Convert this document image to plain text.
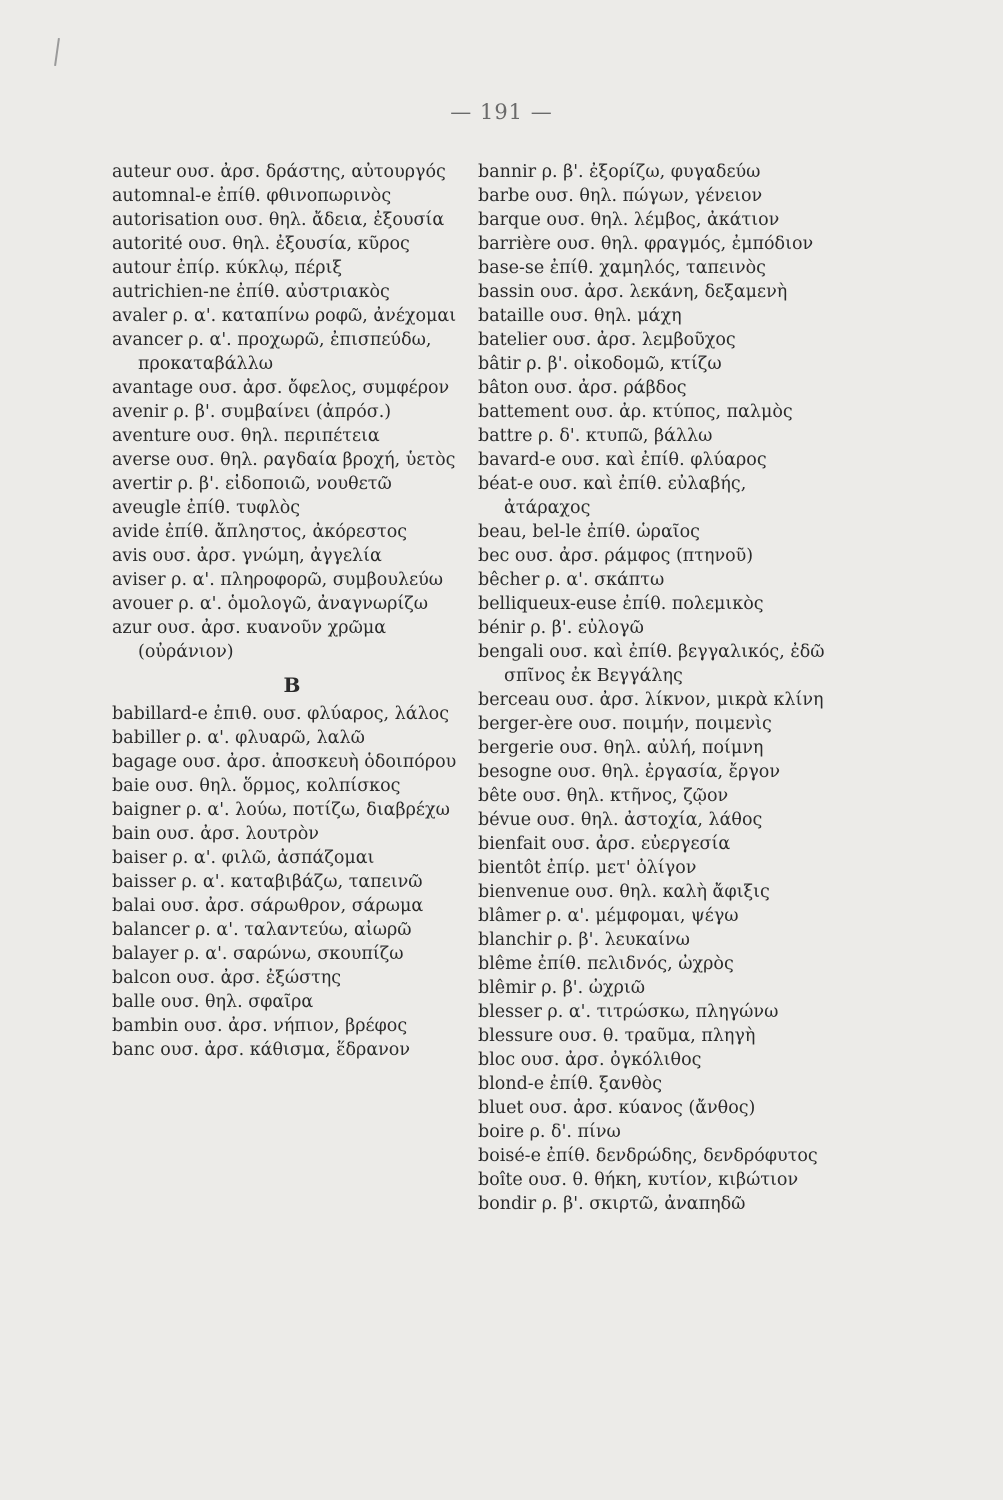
— 191 —

auteur ουσ. ἀρσ. δράστης, αὐτουργός

automnal-e ἐπίθ. φθινοπωρινὸς

autorisation ουσ. θηλ. ἄδεια, ἐξουσία

autorité ουσ. θηλ. ἐξουσία, κῦρος

autour ἐπίρ. κύκλῳ, πέριξ

autrichien-ne ἐπίθ. αὐστριακὸς

avaler ρ. α'. καταπίνω ροφῶ, ἀνέχομαι

avancer ρ. α'. προχωρῶ, ἐπισπεύδω, προκαταβάλλω

avantage ουσ. ἀρσ. ὄφελος, συμφέρον

avenir ρ. β'. συμβαίνει (ἀπρόσ.)

aventure ουσ. θηλ. περιπέτεια

averse ουσ. θηλ. ραγδαία βροχή, ὑετὸς

avertir ρ. β'. εἰδοποιῶ, νουθετῶ

aveugle ἐπίθ. τυφλὸς

avide ἐπίθ. ἄπληστος, ἀκόρεστος

avis ουσ. ἀρσ. γνώμη, ἀγγελία

aviser ρ. α'. πληροφορῶ, συμβουλεύω

avouer ρ. α'. ὁμολογῶ, ἀναγνωρίζω

azur ουσ. ἀρσ. κυανοῦν χρῶμα (οὐράνιον)

B

babillard-e ἐπιθ. ουσ. φλύαρος, λάλος

babiller ρ. α'. φλυαρῶ, λαλῶ

bagage ουσ. ἀρσ. ἀποσκευὴ ὁδοιπόρου

baie ουσ. θηλ. ὅρμος, κολπίσκος

baigner ρ. α'. λούω, ποτίζω, διαβρέχω

bain ουσ. ἀρσ. λουτρὸν

baiser ρ. α'. φιλῶ, ἀσπάζομαι

baisser ρ. α'. καταβιβάζω, ταπεινῶ

balai ουσ. ἀρσ. σάρωθρον, σάρωμα

balancer ρ. α'. ταλαντεύω, αἰωρῶ

balayer ρ. α'. σαρώνω, σκουπίζω

balcon ουσ. ἀρσ. ἐξώστης

balle ουσ. θηλ. σφαῖρα

bambin ουσ. ἀρσ. νήπιον, βρέφος

banc ουσ. ἀρσ. κάθισμα, ἕδρανον

bannir ρ. β'. ἐξορίζω, φυγαδεύω

barbe ουσ. θηλ. πώγων, γένειον

barque ουσ. θηλ. λέμβος, ἀκάτιον

barrière ουσ. θηλ. φραγμός, ἐμπόδιον

base-se ἐπίθ. χαμηλός, ταπεινὸς

bassin ουσ. ἀρσ. λεκάνη, δεξαμενὴ

bataille ουσ. θηλ. μάχη

batelier ουσ. ἀρσ. λεμβοῦχος

bâtir ρ. β'. οἰκοδομῶ, κτίζω

bâton ουσ. ἀρσ. ράβδος

battement ουσ. ἀρ. κτύπος, παλμὸς

battre ρ. δ'. κτυπῶ, βάλλω

bavard-e ουσ. καὶ ἐπίθ. φλύαρος

béat-e ουσ. καὶ ἐπίθ. εὐλαβής, ἀτάραχος

beau, bel-le ἐπίθ. ὡραῖος

bec ουσ. ἀρσ. ράμφος (πτηνοῦ)

bêcher ρ. α'. σκάπτω

belliqueux-euse ἐπίθ. πολεμικὸς

bénir ρ. β'. εὐλογῶ

bengali ουσ. καὶ ἐπίθ. βεγγαλικός, ἐδῶ σπῖνος ἐκ Βεγγάλης

berceau ουσ. ἀρσ. λίκνον, μικρὰ κλίνη

berger-ère ουσ. ποιμήν, ποιμενὶς

bergerie ουσ. θηλ. αὐλή, ποίμνη

besogne ουσ. θηλ. ἐργασία, ἔργον

bête ουσ. θηλ. κτῆνος, ζῷον

bévue ουσ. θηλ. ἀστοχία, λάθος

bienfait ουσ. ἀρσ. εὐεργεσία

bientôt ἐπίρ. μετ' ὀλίγον

bienvenue ουσ. θηλ. καλὴ ἄφιξις

blâmer ρ. α'. μέμφομαι, ψέγω

blanchir ρ. β'. λευκαίνω

blême ἐπίθ. πελιδνός, ὠχρὸς

blêmir ρ. β'. ὠχριῶ

blesser ρ. α'. τιτρώσκω, πληγώνω

blessure ουσ. θ. τραῦμα, πληγὴ

bloc ουσ. ἀρσ. ὀγκόλιθος

blond-e ἐπίθ. ξανθὸς

bluet ουσ. ἀρσ. κύανος (ἄνθος)

boire ρ. δ'. πίνω

boisé-e ἐπίθ. δενδρώδης, δενδρόφυτος

boîte ουσ. θ. θήκη, κυτίον, κιβώτιον

bondir ρ. β'. σκιρτῶ, ἀναπηδῶ
